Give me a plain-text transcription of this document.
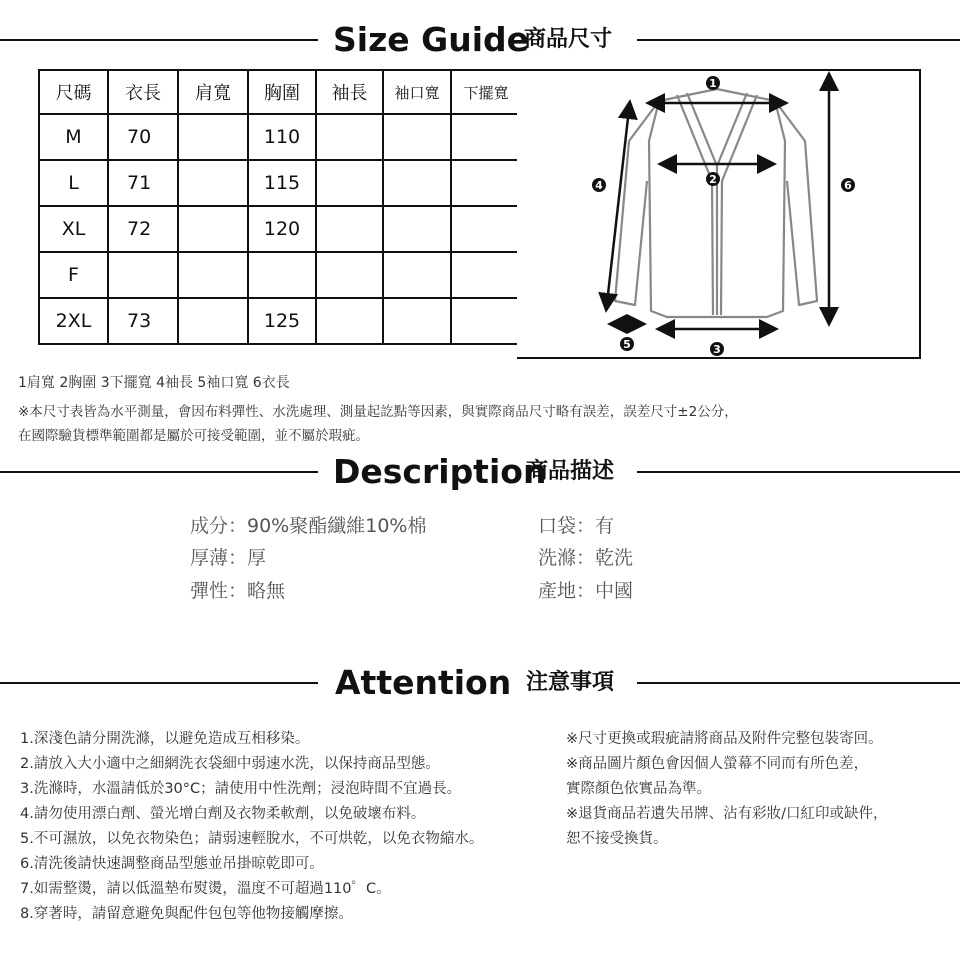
Size Guide
商品尺寸
尺碼	衣長	肩寬	胸圍	袖長	袖口寬	下擺寬
M	70		110			
L	71		115			
XL	72		120			
F						
2XL	73		125			
1
2
3
4
5
6
1肩寬 2胸圍 3下擺寬 4袖長 5袖口寬 6衣長
※本尺寸表皆為水平測量，會因布料彈性、水洗處理、測量起訖點等因素，與實際商品尺寸略有誤差，誤差尺寸±2公分，
在國際驗貨標準範圍都是屬於可接受範圍，並不屬於瑕疵。
Description
商品描述
成分：90%聚酯纖維10%棉
厚薄：厚
彈性：略無
口袋：有
洗滌：乾洗
產地：中國
Attention 注意事項
1.深淺色請分開洗滌，以避免造成互相移染。
2.請放入大小適中之細網洗衣袋細中弱速水洗，以保持商品型態。
3.洗滌時，水溫請低於30°C；請使用中性洗劑；浸泡時間不宜過長。
4.請勿使用漂白劑、螢光增白劑及衣物柔軟劑，以免破壞布料。
5.不可濕放，以免衣物染色；請弱速輕脫水，不可烘乾，以免衣物縮水。
6.清洗後請快速調整商品型態並吊掛晾乾即可。
7.如需整燙，請以低溫墊布熨燙，溫度不可超過110゜C。
8.穿著時，請留意避免與配件包包等他物接觸摩擦。
※尺寸更換或瑕疵請將商品及附件完整包裝寄回。
※商品圖片顏色會因個人螢幕不同而有所色差，
實際顏色依實品為準。
※退貨商品若遺失吊牌、沾有彩妝/口紅印或缺件，
恕不接受換貨。
